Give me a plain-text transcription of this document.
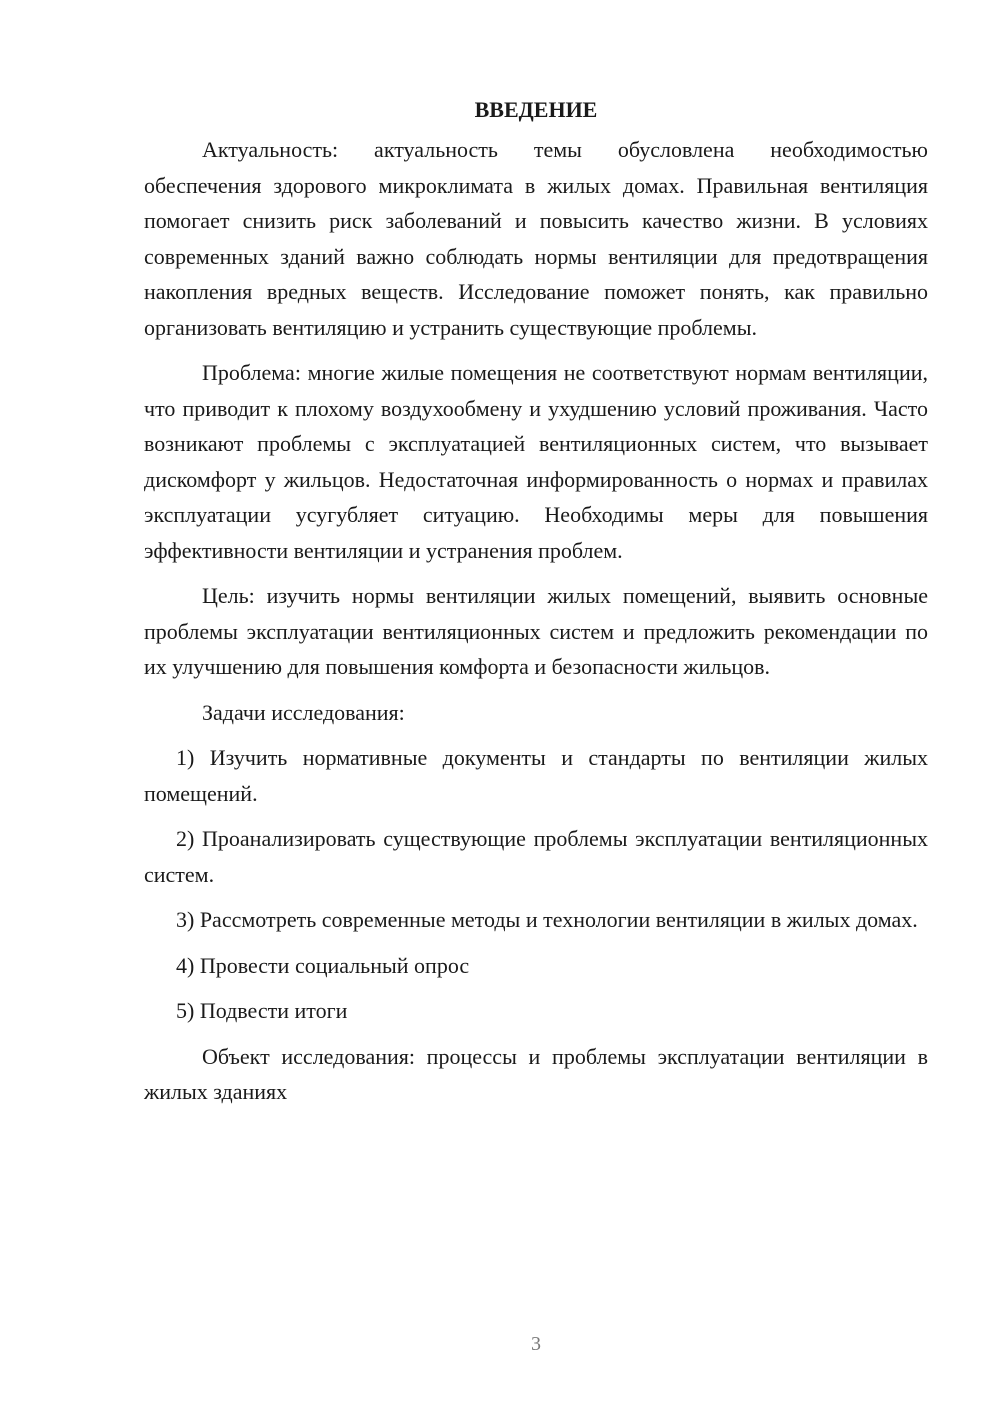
ВВЕДЕНИЕ

Актуальность: актуальность темы обусловлена необходимостью обеспечения здорового микроклимата в жилых домах. Правильная вентиляция помогает снизить риск заболеваний и повысить качество жизни. В условиях современных зданий важно соблюдать нормы вентиляции для предотвращения накопления вредных веществ. Исследование поможет понять, как правильно организовать вентиляцию и устранить существующие проблемы.

Проблема: многие жилые помещения не соответствуют нормам вентиляции, что приводит к плохому воздухообмену и ухудшению условий проживания. Часто возникают проблемы с эксплуатацией вентиляционных систем, что вызывает дискомфорт у жильцов. Недостаточная информированность о нормах и правилах эксплуатации усугубляет ситуацию. Необходимы меры для повышения эффективности вентиляции и устранения проблем.

Цель: изучить нормы вентиляции жилых помещений, выявить основные проблемы эксплуатации вентиляционных систем и предложить рекомендации по их улучшению для повышения комфорта и безопасности жильцов.

Задачи исследования:

1) Изучить нормативные документы и стандарты по вентиляции жилых помещений.

2) Проанализировать существующие проблемы эксплуатации вентиляционных систем.

3) Рассмотреть современные методы и технологии вентиляции в жилых домах.

4) Провести социальный опрос

5) Подвести итоги

Объект исследования: процессы и проблемы эксплуатации вентиляции в жилых зданиях

3
